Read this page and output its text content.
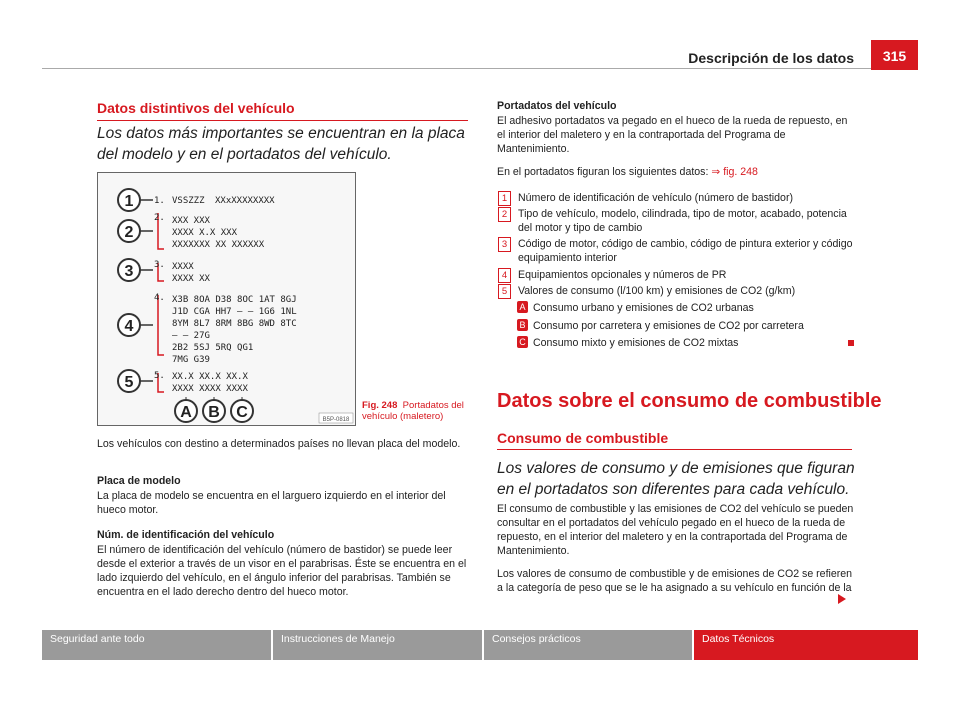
Descripción de los datos	315
Datos distintivos del vehículo
Los datos más importantes se encuentran en la placa del modelo y en el portadatos del vehículo.
1
2
3
4
5
1.
2.
3.
4.
5.
VSSZZZ XXxXXXXXXXX
XXX XXX
XXXX X.X XXX
XXXXXXX XX XXXXXX
XXXX
XXXX XX
X3B 8OA D38 8OC 1AT 8GJ
J1D CGA HH7 – – 1G6 1NL
8YM 8L7 8RM 8BG 8WD 8TC
– – 27G
2B2 5SJ 5RQ QG1
7MG G39
XX.X XX.X XX.X
XXXX XXXX XXXX
A B C	B5P-0818
Fig. 248 Portadatos del vehículo (maletero)
Los vehículos con destino a determinados países no llevan placa del modelo.
Placa de modelo
La placa de modelo se encuentra en el larguero izquierdo en el interior del hueco motor.
Núm. de identificación del vehículo
El número de identificación del vehículo (número de bastidor) se puede leer desde el exterior a través de un visor en el parabrisas. Éste se encuentra en el lado izquierdo del vehículo, en el ángulo inferior del parabrisas. También se encuentra en el lado derecho dentro del hueco motor.
Portadatos del vehículo
El adhesivo portadatos va pegado en el hueco de la rueda de repuesto, en el interior del maletero y en la contraportada del Programa de Mantenimiento.
En el portadatos figuran los siguientes datos: ⇒ fig. 248
1 Número de identificación de vehículo (número de bastidor)
2 Tipo de vehículo, modelo, cilindrada, tipo de motor, acabado, potencia del motor y tipo de cambio
3 Código de motor, código de cambio, código de pintura exterior y código equipamiento interior
4 Equipamientos opcionales y números de PR
5 Valores de consumo (l/100 km) y emisiones de CO2 (g/km)
A Consumo urbano y emisiones de CO2 urbanas
B Consumo por carretera y emisiones de CO2 por carretera
C Consumo mixto y emisiones de CO2 mixtas
Datos sobre el consumo de combustible
Consumo de combustible
Los valores de consumo y de emisiones que figuran en el portadatos son diferentes para cada vehículo.
El consumo de combustible y las emisiones de CO2 del vehículo se pueden consultar en el portadatos del vehículo pegado en el hueco de la rueda de repuesto, en el interior del maletero y en la contraportada del Programa de Mantenimiento.
Los valores de consumo de combustible y de emisiones de CO2 se refieren a la categoría de peso que se le ha asignado a su vehículo en función de la
Seguridad ante todo	Instrucciones de Manejo	Consejos prácticos	Datos Técnicos
